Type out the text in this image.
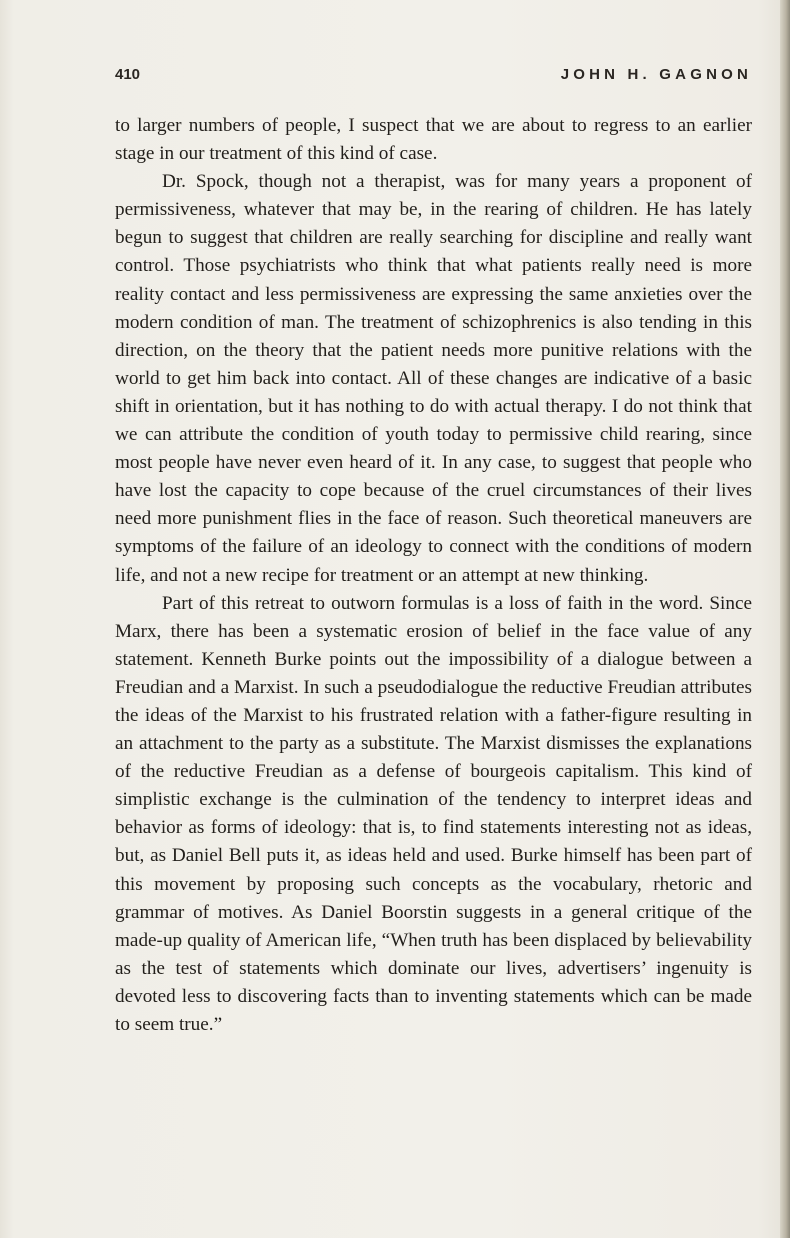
410	JOHN H. GAGNON

to larger numbers of people, I suspect that we are about to regress to an earlier stage in our treatment of this kind of case.

Dr. Spock, though not a therapist, was for many years a proponent of permissiveness, whatever that may be, in the rearing of children. He has lately begun to suggest that children are really searching for discipline and really want control. Those psychiatrists who think that what patients really need is more reality contact and less permissiveness are expressing the same anxieties over the modern condition of man. The treatment of schizophrenics is also tending in this direction, on the theory that the patient needs more punitive relations with the world to get him back into contact. All of these changes are indicative of a basic shift in orientation, but it has nothing to do with actual therapy. I do not think that we can attribute the condition of youth today to permissive child rearing, since most people have never even heard of it. In any case, to suggest that people who have lost the capacity to cope because of the cruel circumstances of their lives need more punishment flies in the face of reason. Such theoretical maneuvers are symptoms of the failure of an ideology to connect with the conditions of modern life, and not a new recipe for treatment or an attempt at new thinking.

Part of this retreat to outworn formulas is a loss of faith in the word. Since Marx, there has been a systematic erosion of belief in the face value of any statement. Kenneth Burke points out the impossibility of a dialogue between a Freudian and a Marxist. In such a pseudodialogue the reductive Freudian attributes the ideas of the Marxist to his frustrated relation with a father-figure resulting in an attachment to the party as a substitute. The Marxist dismisses the explanations of the reductive Freudian as a defense of bourgeois capitalism. This kind of simplistic exchange is the culmination of the tendency to interpret ideas and behavior as forms of ideology: that is, to find statements interesting not as ideas, but, as Daniel Bell puts it, as ideas held and used. Burke himself has been part of this movement by proposing such concepts as the vocabulary, rhetoric and grammar of motives. As Daniel Boorstin suggests in a general critique of the made-up quality of American life, “When truth has been displaced by believability as the test of statements which dominate our lives, advertisers’ ingenuity is devoted less to discovering facts than to inventing statements which can be made to seem true.”
